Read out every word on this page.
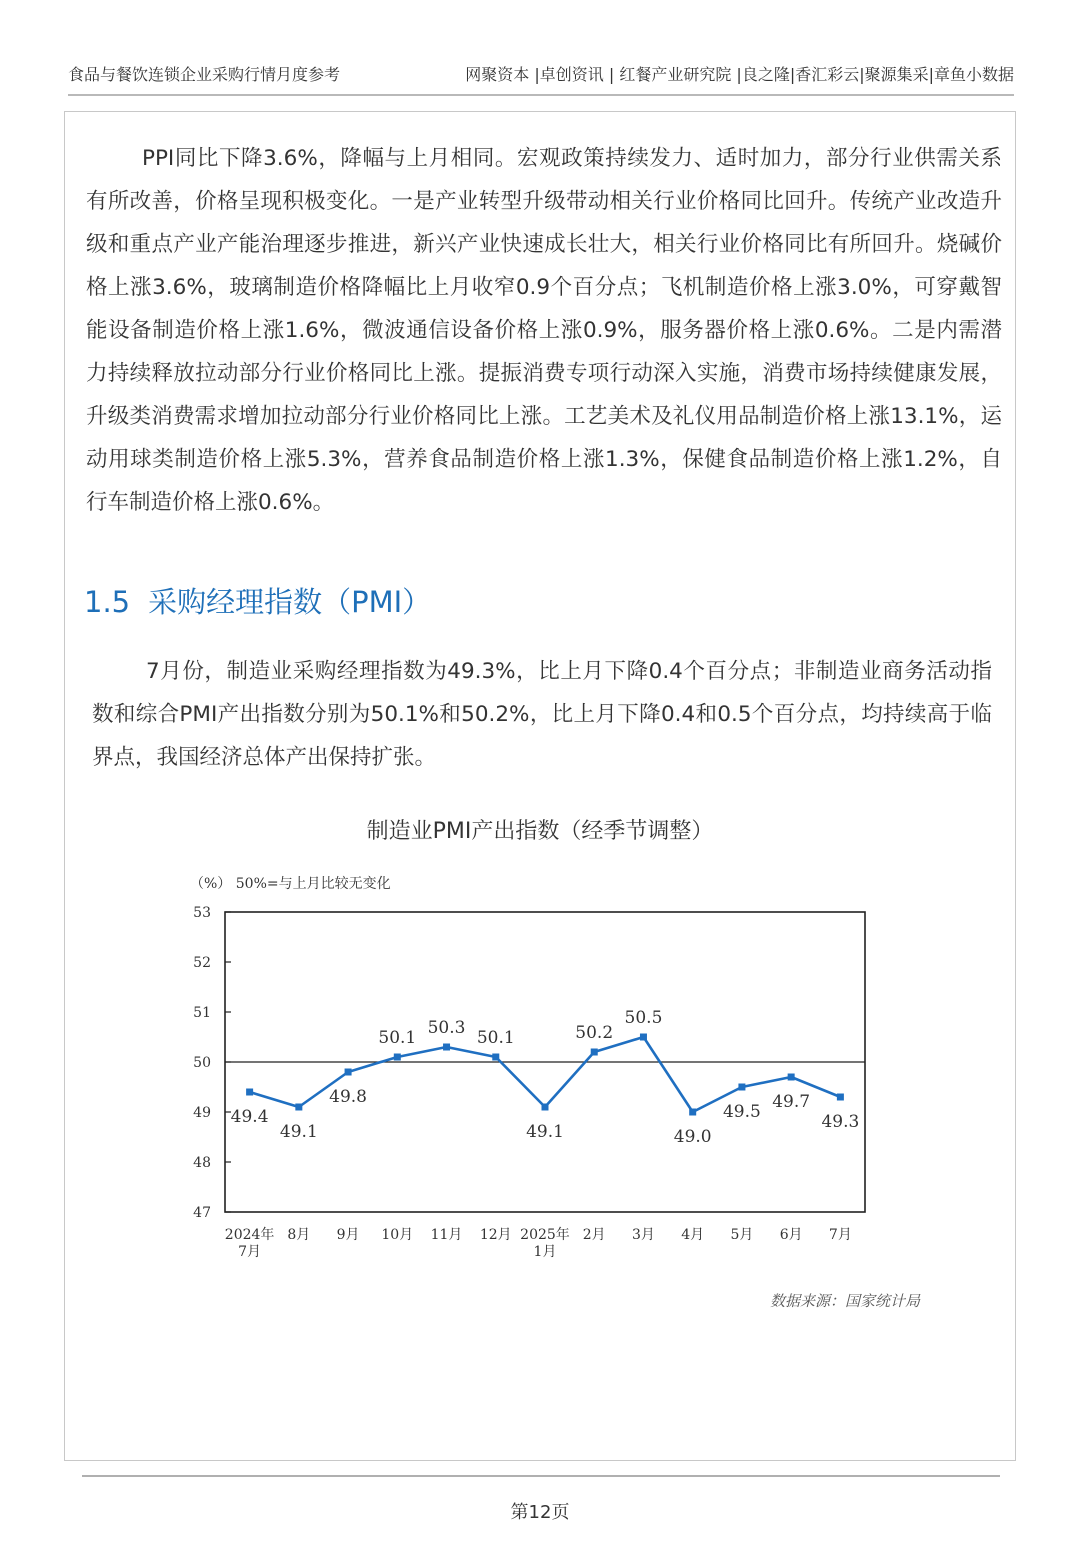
食品与餐饮连锁企业采购行情月度参考	网聚资本 |卓创资讯 | 红餐产业研究院 |良之隆|香汇彩云|聚源集采|章鱼小数据

PPI同比下降3.6%，降幅与上月相同。宏观政策持续发力、适时加力，部分行业供需关系有所改善，价格呈现积极变化。一是产业转型升级带动相关行业价格同比回升。传统产业改造升级和重点产业产能治理逐步推进，新兴产业快速成长壮大，相关行业价格同比有所回升。烧碱价格上涨3.6%，玻璃制造价格降幅比上月收窄0.9个百分点；飞机制造价格上涨3.0%，可穿戴智能设备制造价格上涨1.6%，微波通信设备价格上涨0.9%，服务器价格上涨0.6%。二是内需潜力持续释放拉动部分行业价格同比上涨。提振消费专项行动深入实施，消费市场持续健康发展，升级类消费需求增加拉动部分行业价格同比上涨。工艺美术及礼仪用品制造价格上涨13.1%，运动用球类制造价格上涨5.3%，营养食品制造价格上涨1.3%，保健食品制造价格上涨1.2%，自行车制造价格上涨0.6%。

1.5 采购经理指数（PMI）

7月份，制造业采购经理指数为49.3%，比上月下降0.4个百分点；非制造业商务活动指数和综合PMI产出指数分别为50.1%和50.2%，比上月下降0.4和0.5个百分点，均持续高于临界点，我国经济总体产出保持扩张。

制造业PMI产出指数（经季节调整）
（%） 50%=与上月比较无变化
47
48
49
50
51
52
53
49.4
49.1
49.8
50.1 50.3 50.1
49.1
50.2
50.5
49.0
49.5 49.7
49.3
2024年
7月
8月 9月 10月 11月 12月 2025年
1月
2月 3月 4月 5月 6月 7月
数据来源：国家统计局
第12页
